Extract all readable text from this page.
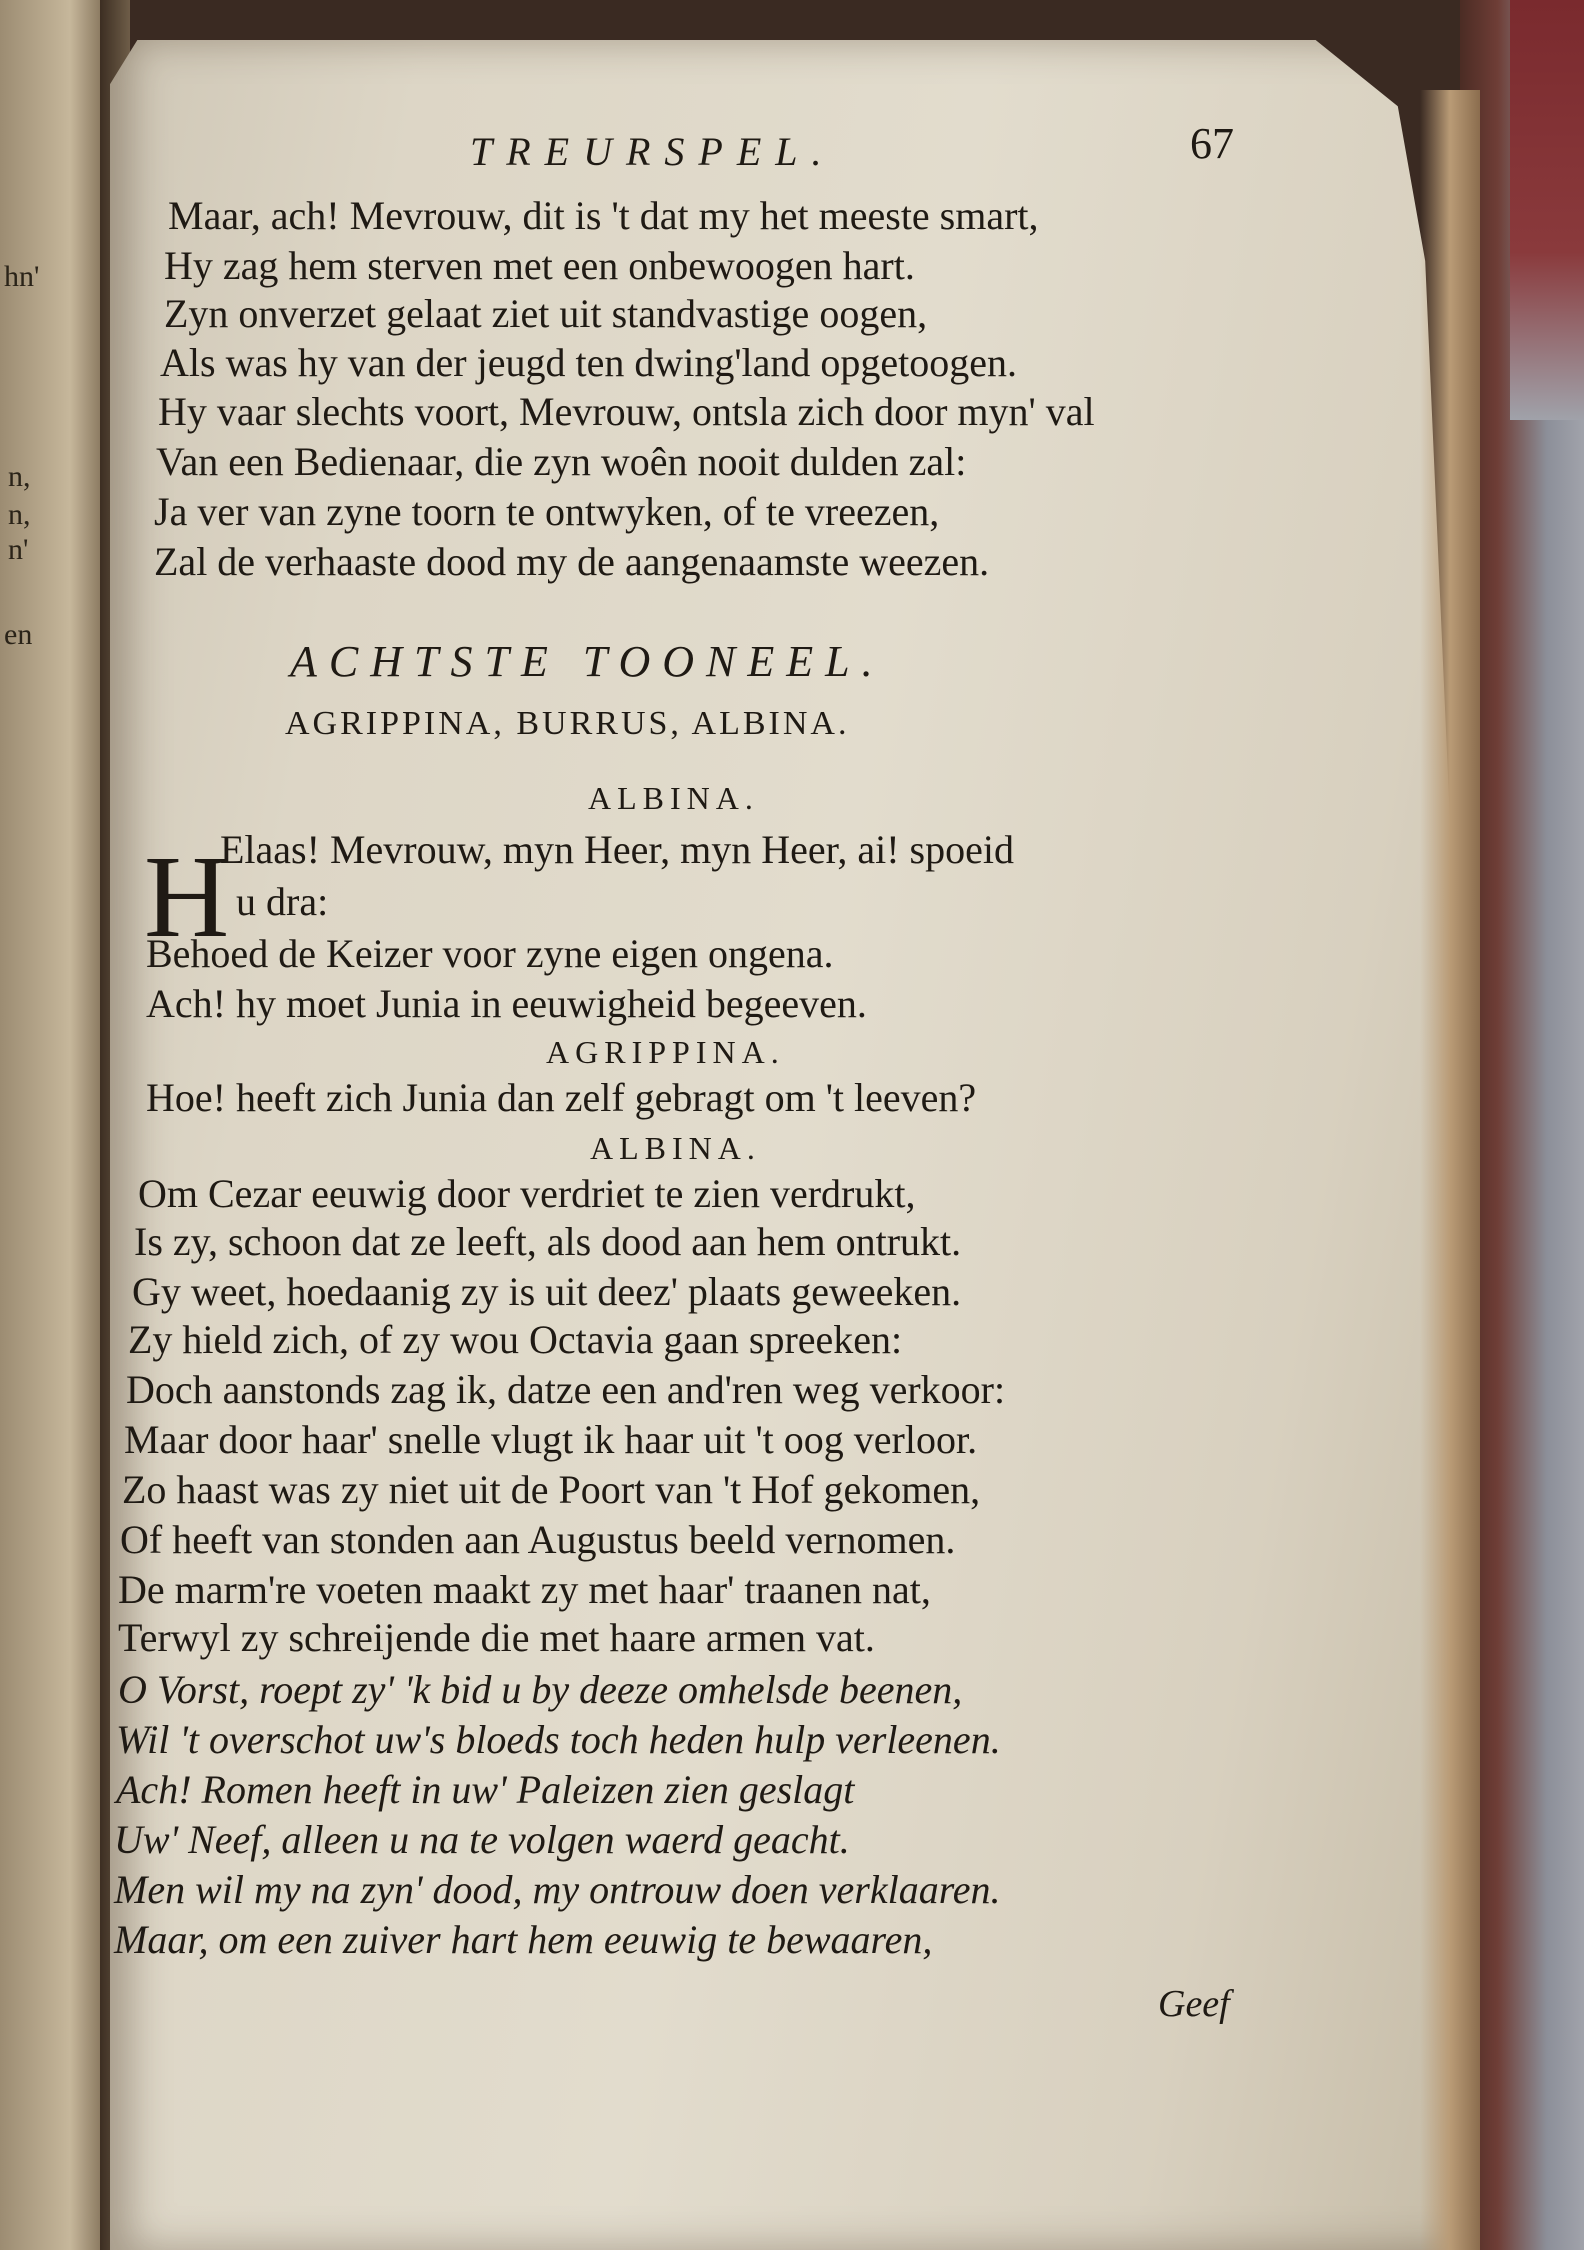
hn'
n,
n,
n'
en
TREURSPEL.	67
Maar, ach! Mevrouw, dit is 't dat my het meeste smart,
Hy zag hem sterven met een onbewoogen hart.
Zyn onverzet gelaat ziet uit standvastige oogen,
Als was hy van der jeugd ten dwing'land opgetoogen.
Hy vaar slechts voort, Mevrouw, ontsla zich door myn' val
Van een Bedienaar, die zyn woên nooit dulden zal:
Ja ver van zyne toorn te ontwyken, of te vreezen,
Zal de verhaaste dood my de aangenaamste weezen.
ACHTSTE TOONEEL.
AGRIPPINA, BURRUS, ALBINA.
ALBINA.
H
Elaas! Mevrouw, myn Heer, myn Heer, ai! spoeid
u dra:
Behoed de Keizer voor zyne eigen ongena.
Ach! hy moet Junia in eeuwigheid begeeven.
AGRIPPINA.
Hoe! heeft zich Junia dan zelf gebragt om 't leeven?
ALBINA.
Om Cezar eeuwig door verdriet te zien verdrukt,
Is zy, schoon dat ze leeft, als dood aan hem ontrukt.
Gy weet, hoedaanig zy is uit deez' plaats geweeken.
Zy hield zich, of zy wou Octavia gaan spreeken:
Doch aanstonds zag ik, datze een and'ren weg verkoor:
Maar door haar' snelle vlugt ik haar uit 't oog verloor.
Zo haast was zy niet uit de Poort van 't Hof gekomen,
Of heeft van stonden aan Augustus beeld vernomen.
De marm're voeten maakt zy met haar' traanen nat,
Terwyl zy schreijende die met haare armen vat.
O Vorst, roept zy' 'k bid u by deeze omhelsde beenen,
Wil 't overschot uw's bloeds toch heden hulp verleenen.
Ach! Romen heeft in uw' Paleizen zien geslagt
Uw' Neef, alleen u na te volgen waerd geacht.
Men wil my na zyn' dood, my ontrouw doen verklaaren.
Maar, om een zuiver hart hem eeuwig te bewaaren,
Geef
